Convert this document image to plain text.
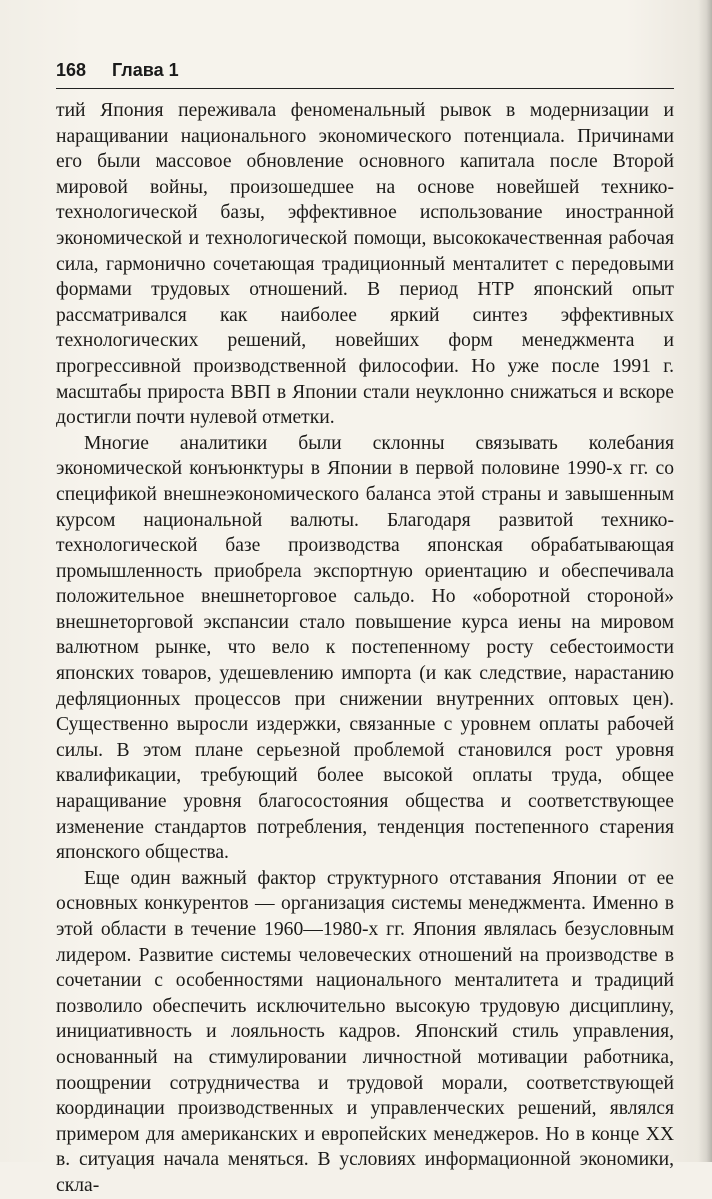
168 Глава 1

тий Япония переживала феноменальный рывок в модернизации и наращивании национального экономического потенциала. Причинами его были массовое обновление основного капитала после Второй мировой войны, произошедшее на основе новейшей технико-технологической базы, эффективное использование иностранной экономической и технологической помощи, высококачественная рабочая сила, гармонично сочетающая традиционный менталитет с передовыми формами трудовых отношений. В период НТР японский опыт рассматривался как наиболее яркий синтез эффективных технологических решений, новейших форм менеджмента и прогрессивной производственной философии. Но уже после 1991 г. масштабы прироста ВВП в Японии стали неуклонно снижаться и вскоре достигли почти нулевой отметки.

Многие аналитики были склонны связывать колебания экономической конъюнктуры в Японии в первой половине 1990-х гг. со спецификой внешнеэкономического баланса этой страны и завышенным курсом национальной валюты. Благодаря развитой технико-технологической базе производства японская обрабатывающая промышленность приобрела экспортную ориентацию и обеспечивала положительное внешнеторговое сальдо. Но «оборотной стороной» внешнеторговой экспансии стало повышение курса иены на мировом валютном рынке, что вело к постепенному росту себестоимости японских товаров, удешевлению импорта (и как следствие, нарастанию дефляционных процессов при снижении внутренних оптовых цен). Существенно выросли издержки, связанные с уровнем оплаты рабочей силы. В этом плане серьезной проблемой становился рост уровня квалификации, требующий более высокой оплаты труда, общее наращивание уровня благосостояния общества и соответствующее изменение стандартов потребления, тенденция постепенного старения японского общества.

Еще один важный фактор структурного отставания Японии от ее основных конкурентов — организация системы менеджмента. Именно в этой области в течение 1960—1980-х гг. Япония являлась безусловным лидером. Развитие системы человеческих отношений на производстве в сочетании с особенностями национального менталитета и традиций позволило обеспечить исключительно высокую трудовую дисциплину, инициативность и лояльность кадров. Японский стиль управления, основанный на стимулировании личностной мотивации работника, поощрении сотрудничества и трудовой морали, соответствующей координации производственных и управленческих решений, являлся примером для американских и европейских менеджеров. Но в конце XX в. ситуация начала меняться. В условиях информационной экономики, скла-
